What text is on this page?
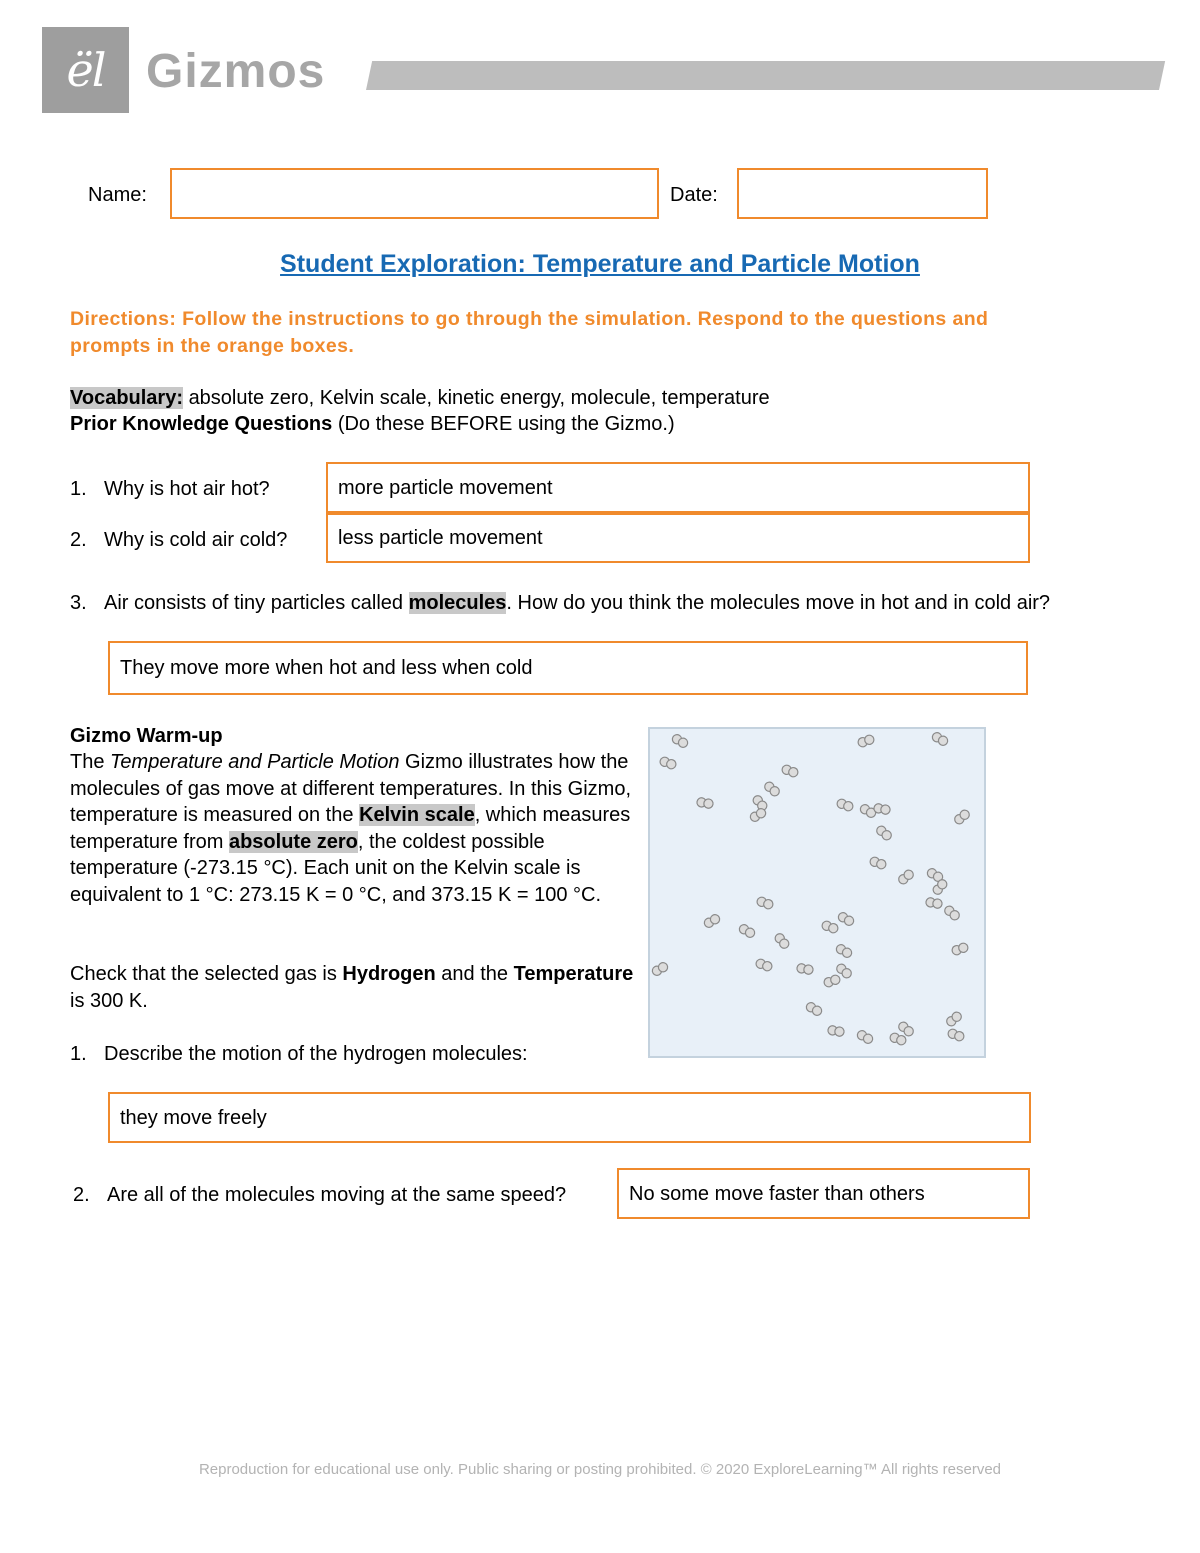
ël Gizmos
Name:	Date:
Student Exploration: Temperature and Particle Motion
Directions: Follow the instructions to go through the simulation. Respond to the questions and prompts in the orange boxes.
Vocabulary: absolute zero, Kelvin scale, kinetic energy, molecule, temperature
Prior Knowledge Questions (Do these BEFORE using the Gizmo.)
1. Why is hot air hot?	more particle movement
2. Why is cold air cold?	less particle movement
3. Air consists of tiny particles called molecules. How do you think the molecules move in hot and in cold air?
They move more when hot and less when cold
Gizmo Warm-up
The Temperature and Particle Motion Gizmo illustrates how the molecules of gas move at different temperatures. In this Gizmo, temperature is measured on the Kelvin scale, which measures temperature from absolute zero, the coldest possible temperature (-273.15 °C). Each unit on the Kelvin scale is equivalent to 1 °C: 273.15 K = 0 °C, and 373.15 K = 100 °C.
Check that the selected gas is Hydrogen and the Temperature is 300 K.
1. Describe the motion of the hydrogen molecules:
they move freely
2. Are all of the molecules moving at the same speed?	No some move faster than others
Reproduction for educational use only. Public sharing or posting prohibited. © 2020 ExploreLearning™ All rights reserved
